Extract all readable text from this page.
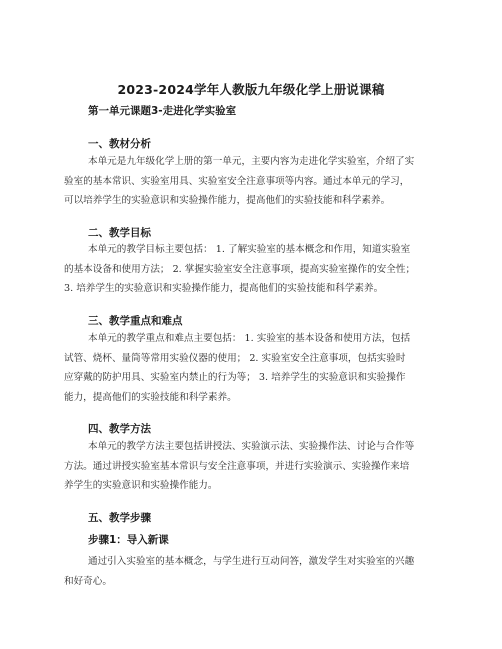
2023-2024学年人教版九年级化学上册说课稿
第一单元课题3-走进化学实验室
一、教材分析
本单元是九年级化学上册的第一单元，主要内容为走进化学实验室，介绍了实
验室的基本常识、实验室用具、实验室安全注意事项等内容。通过本单元的学习，
可以培养学生的实验意识和实验操作能力，提高他们的实验技能和科学素养。
二、教学目标
本单元的教学目标主要包括： 1. 了解实验室的基本概念和作用，知道实验室
的基本设备和使用方法； 2. 掌握实验室安全注意事项，提高实验室操作的安全性；
3. 培养学生的实验意识和实验操作能力，提高他们的实验技能和科学素养。
三、教学重点和难点
本单元的教学重点和难点主要包括： 1. 实验室的基本设备和使用方法，包括
试管、烧杯、量筒等常用实验仪器的使用； 2. 实验室安全注意事项，包括实验时
应穿戴的防护用具、实验室内禁止的行为等； 3. 培养学生的实验意识和实验操作
能力，提高他们的实验技能和科学素养。
四、教学方法
本单元的教学方法主要包括讲授法、实验演示法、实验操作法、讨论与合作等
方法。通过讲授实验室基本常识与安全注意事项，并进行实验演示、实验操作来培
养学生的实验意识和实验操作能力。
五、教学步骤
步骤1：导入新课
通过引入实验室的基本概念，与学生进行互动问答，激发学生对实验室的兴趣
和好奇心。
